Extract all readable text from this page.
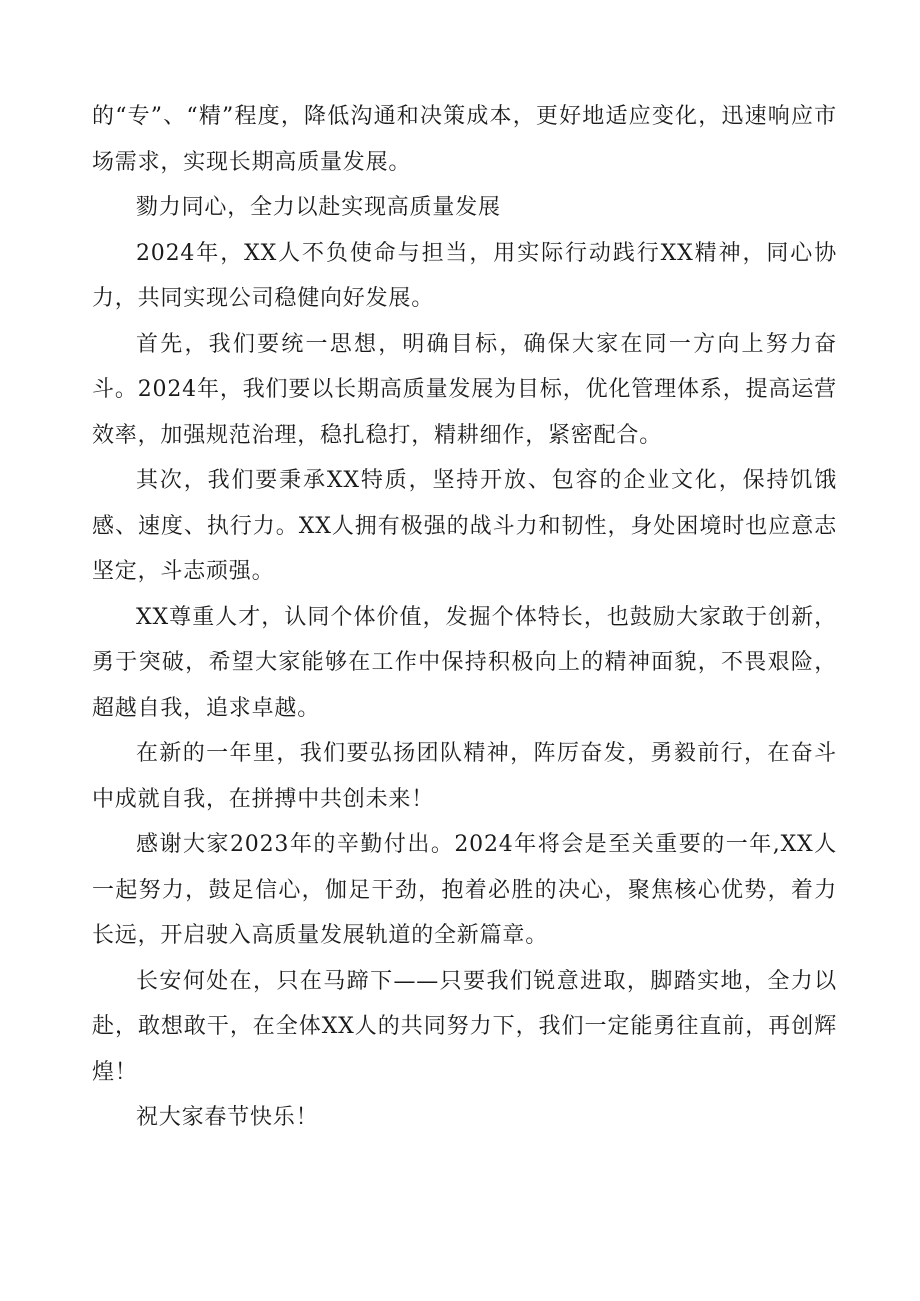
的“专”、“精”程度，降低沟通和决策成本，更好地适应变化，迅速响应市场需求，实现长期高质量发展。

勠力同心，全力以赴实现高质量发展

2024年，XX人不负使命与担当，用实际行动践行XX精神，同心协力，共同实现公司稳健向好发展。

首先，我们要统一思想，明确目标，确保大家在同一方向上努力奋斗。2024年，我们要以长期高质量发展为目标，优化管理体系，提高运营效率，加强规范治理，稳扎稳打，精耕细作，紧密配合。

其次，我们要秉承XX特质，坚持开放、包容的企业文化，保持饥饿感、速度、执行力。XX人拥有极强的战斗力和韧性，身处困境时也应意志坚定，斗志顽强。

XX尊重人才，认同个体价值，发掘个体特长，也鼓励大家敢于创新，勇于突破，希望大家能够在工作中保持积极向上的精神面貌，不畏艰险，超越自我，追求卓越。

在新的一年里，我们要弘扬团队精神，阵厉奋发，勇毅前行，在奋斗中成就自我，在拼搏中共创未来！

感谢大家2023年的辛勤付出。2024年将会是至关重要的一年,XX人一起努力，鼓足信心，伽足干劲，抱着必胜的决心，聚焦核心优势，着力长远，开启驶入高质量发展轨道的全新篇章。

长安何处在，只在马蹄下——只要我们锐意进取，脚踏实地，全力以赴，敢想敢干，在全体XX人的共同努力下，我们一定能勇往直前，再创辉煌！

祝大家春节快乐！
